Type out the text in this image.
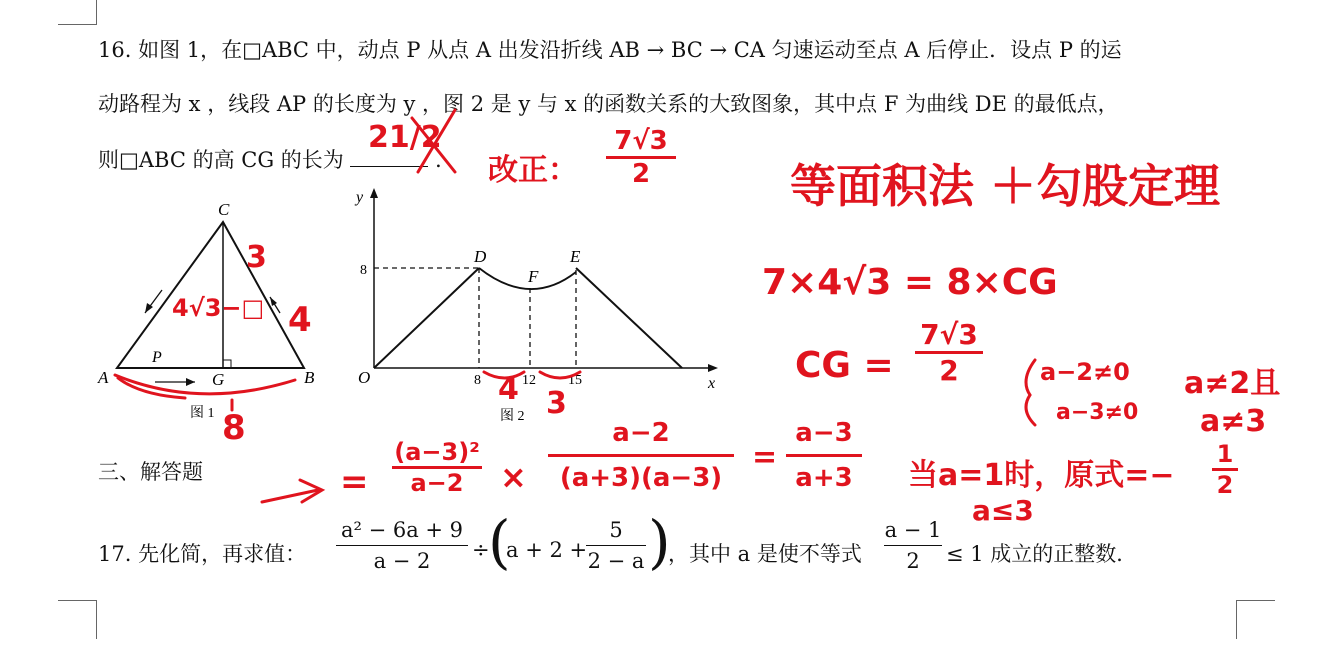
16. 如图 1，在□ABC 中，动点 P 从点 A 出发沿折线 AB → BC → CA 匀速运动至点 A 后停止．设点 P 的运
动路程为 x ，线段 AP 的长度为 y ，图 2 是 y 与 x 的函数关系的大致图象，其中点 F 为曲线 DE 的最低点，
则□ABC 的高 CG 的长为	．
C
A	B
G
P
图 1
y
x
O
D	E
F
8
8	12 15
图 2
三、解答题
17. 先化简，再求值： $\frac{\text{a² − 6a + 9}}{a - 2}$ ÷
(
a + 2 +
$\frac{5}{2 - a}$ )
，其中 a 是使不等式 $\frac{a - 1}{2} \le 1$ 成立的正整数．
21/2
改正： $\frac{7√3}{2}$ 等面积法 ＋勾股定理
7×4√3 = 8×CG
CG = $\frac{7√3}{2}$
3
4
4√3−□
8
4 3
a−2≠0
a−3≠0
a≠2且
a≠3
$\frac{\text{(a−3)²}}{a-2}$
=	× $\frac{a-2}{(a+3)(a-3)} = \frac{a-3}{a+3}$ 当a=1时，原式=− $\frac{1}{2}$
a≤3
